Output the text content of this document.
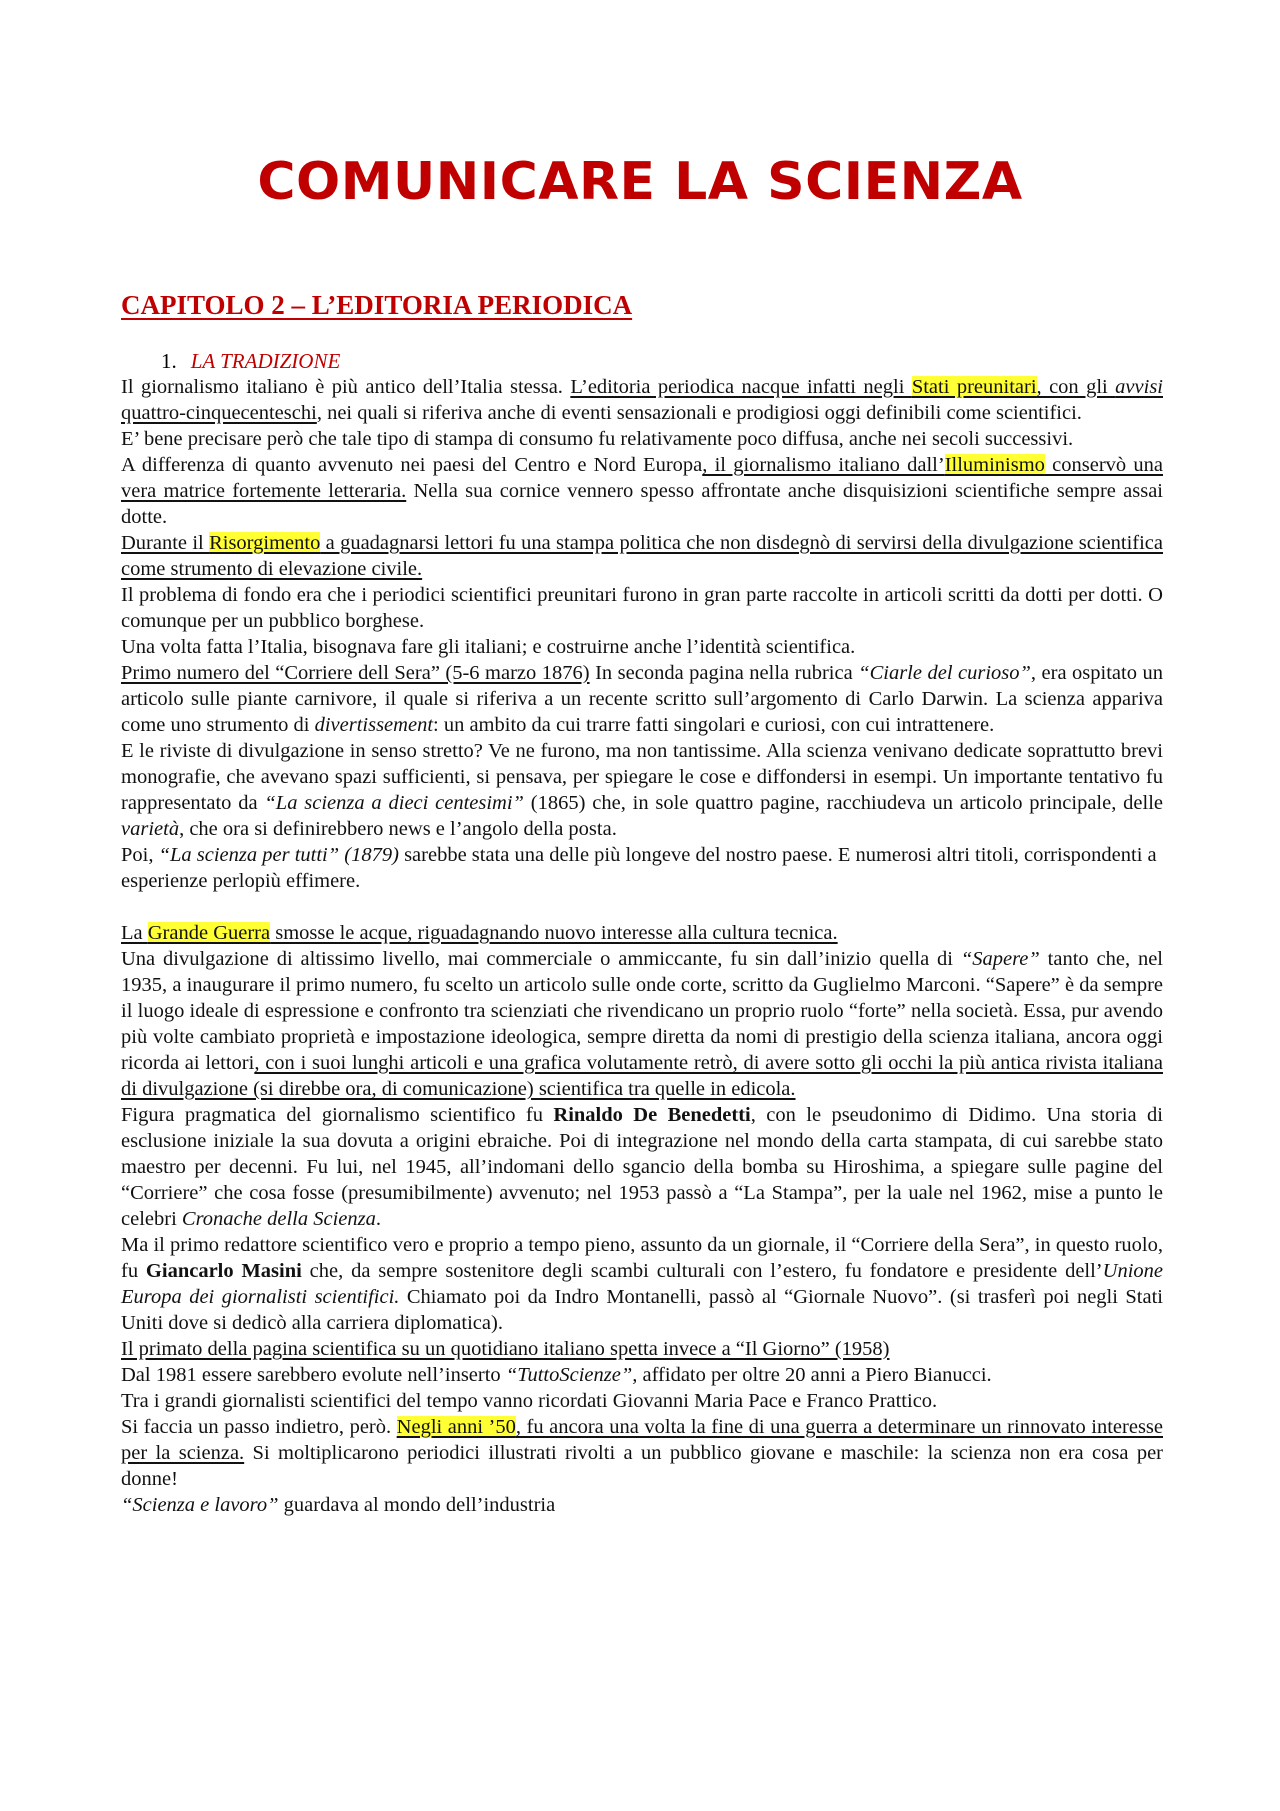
COMUNICARE LA SCIENZA
CAPITOLO 2 – L’EDITORIA PERIODICA
1. LA TRADIZIONE

Il giornalismo italiano è più antico dell’Italia stessa. L’editoria periodica nacque infatti negli Stati preunitari, con gli avvisi quattro-cinquecenteschi, nei quali si riferiva anche di eventi sensazionali e prodigiosi oggi definibili come scientifici.

E’ bene precisare però che tale tipo di stampa di consumo fu relativamente poco diffusa, anche nei secoli successivi.

A differenza di quanto avvenuto nei paesi del Centro e Nord Europa, il giornalismo italiano dall’Illuminismo conservò una vera matrice fortemente letteraria. Nella sua cornice vennero spesso affrontate anche disquisizioni scientifiche sempre assai dotte.

Durante il Risorgimento a guadagnarsi lettori fu una stampa politica che non disdegnò di servirsi della divulgazione scientifica come strumento di elevazione civile.

Il problema di fondo era che i periodici scientifici preunitari furono in gran parte raccolte in articoli scritti da dotti per dotti. O comunque per un pubblico borghese.

Una volta fatta l’Italia, bisognava fare gli italiani; e costruirne anche l’identità scientifica.

Primo numero del “Corriere dell Sera” (5-6 marzo 1876) In seconda pagina nella rubrica “Ciarle del curioso”, era ospitato un articolo sulle piante carnivore, il quale si riferiva a un recente scritto sull’argomento di Carlo Darwin. La scienza appariva come uno strumento di divertissement: un ambito da cui trarre fatti singolari e curiosi, con cui intrattenere.

E le riviste di divulgazione in senso stretto? Ve ne furono, ma non tantissime. Alla scienza venivano dedicate soprattutto brevi monografie, che avevano spazi sufficienti, si pensava, per spiegare le cose e diffondersi in esempi. Un importante tentativo fu rappresentato da “La scienza a dieci centesimi” (1865) che, in sole quattro pagine, racchiudeva un articolo principale, delle varietà, che ora si definirebbero news e l’angolo della posta.

Poi, “La scienza per tutti” (1879) sarebbe stata una delle più longeve del nostro paese. E numerosi altri titoli, corrispondenti a esperienze perlopiù effimere.

La Grande Guerra smosse le acque, riguadagnando nuovo interesse alla cultura tecnica.

Una divulgazione di altissimo livello, mai commerciale o ammiccante, fu sin dall’inizio quella di “Sapere” tanto che, nel 1935, a inaugurare il primo numero, fu scelto un articolo sulle onde corte, scritto da Guglielmo Marconi. “Sapere” è da sempre il luogo ideale di espressione e confronto tra scienziati che rivendicano un proprio ruolo “forte” nella società. Essa, pur avendo più volte cambiato proprietà e impostazione ideologica, sempre diretta da nomi di prestigio della scienza italiana, ancora oggi ricorda ai lettori, con i suoi lunghi articoli e una grafica volutamente retrò, di avere sotto gli occhi la più antica rivista italiana di divulgazione (si direbbe ora, di comunicazione) scientifica tra quelle in edicola.

Figura pragmatica del giornalismo scientifico fu Rinaldo De Benedetti, con le pseudonimo di Didimo. Una storia di esclusione iniziale la sua dovuta a origini ebraiche. Poi di integrazione nel mondo della carta stampata, di cui sarebbe stato maestro per decenni. Fu lui, nel 1945, all’indomani dello sgancio della bomba su Hiroshima, a spiegare sulle pagine del “Corriere” che cosa fosse (presumibilmente) avvenuto; nel 1953 passò a “La Stampa”, per la uale nel 1962, mise a punto le celebri Cronache della Scienza.

Ma il primo redattore scientifico vero e proprio a tempo pieno, assunto da un giornale, il “Corriere della Sera”, in questo ruolo, fu Giancarlo Masini che, da sempre sostenitore degli scambi culturali con l’estero, fu fondatore e presidente dell’Unione Europa dei giornalisti scientifici. Chiamato poi da Indro Montanelli, passò al “Giornale Nuovo”. (si trasferì poi negli Stati Uniti dove si dedicò alla carriera diplomatica).

Il primato della pagina scientifica su un quotidiano italiano spetta invece a “Il Giorno” (1958)

Dal 1981 essere sarebbero evolute nell’inserto “TuttoScienze”, affidato per oltre 20 anni a Piero Bianucci.

Tra i grandi giornalisti scientifici del tempo vanno ricordati Giovanni Maria Pace e Franco Prattico.

Si faccia un passo indietro, però. Negli anni ’50, fu ancora una volta la fine di una guerra a determinare un rinnovato interesse per la scienza. Si moltiplicarono periodici illustrati rivolti a un pubblico giovane e maschile: la scienza non era cosa per donne!

“Scienza e lavoro” guardava al mondo dell’industria
